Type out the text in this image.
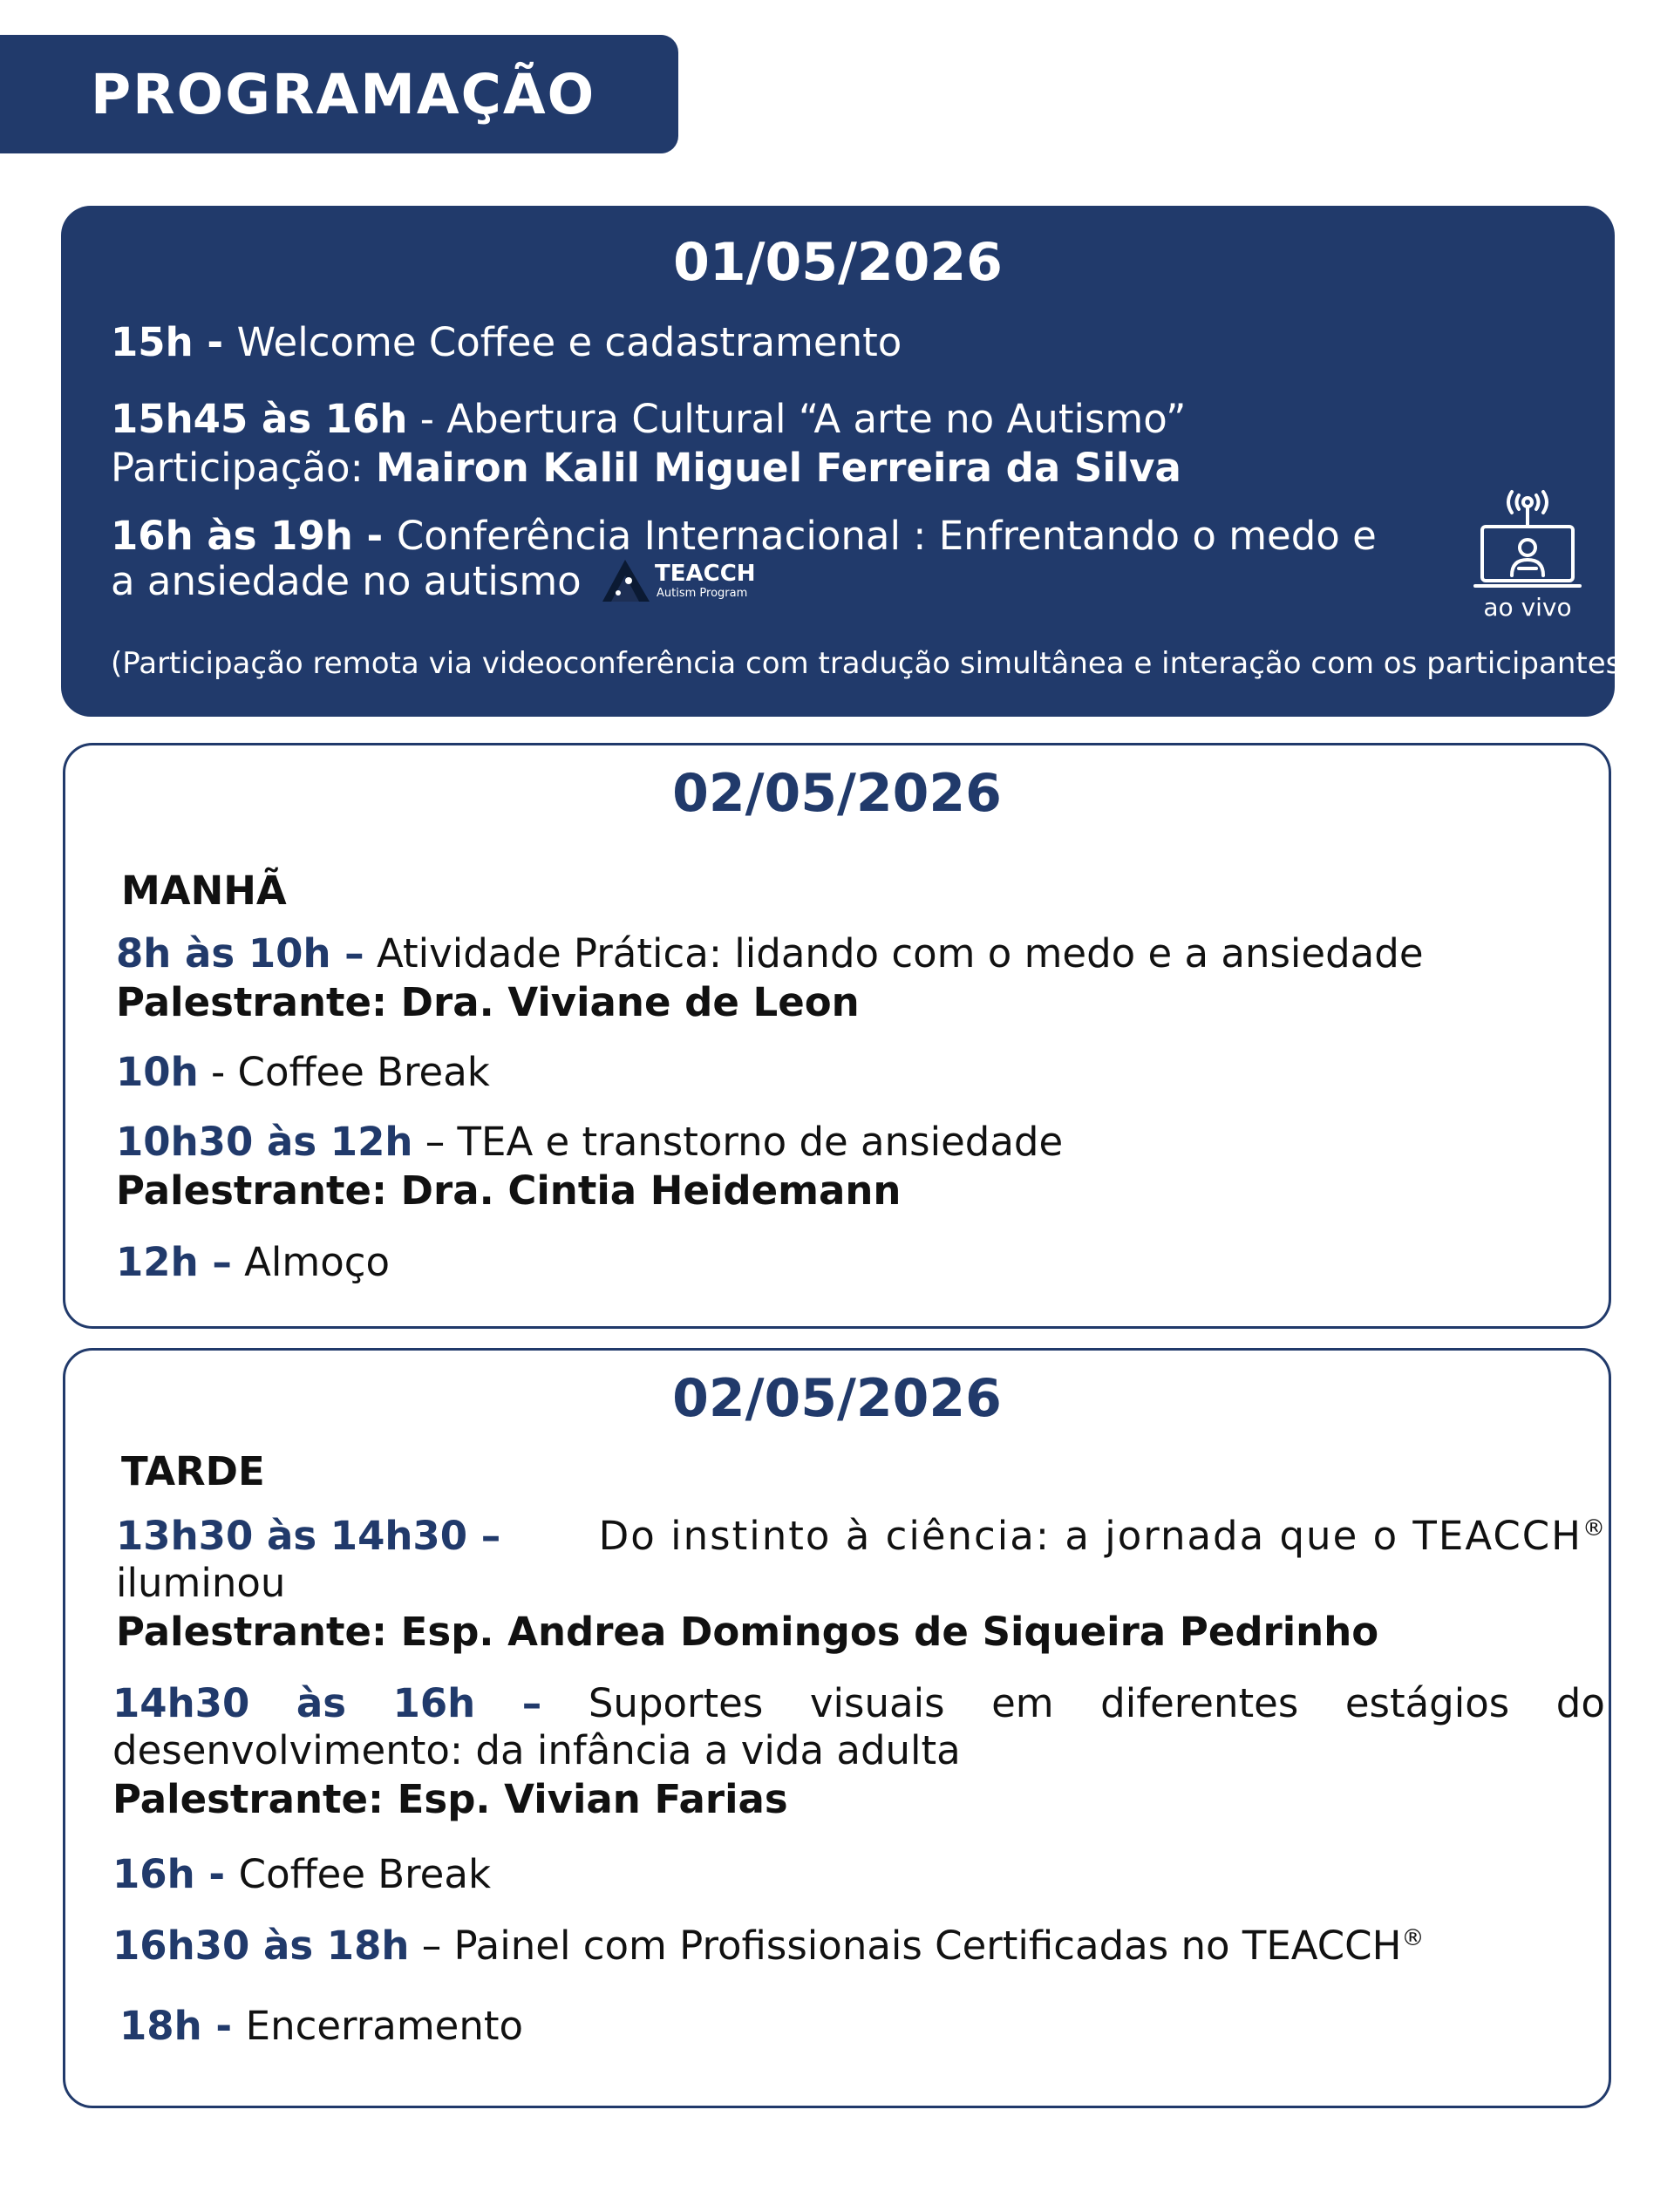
PROGRAMAÇÃO
01/05/2026
15h - Welcome Coffee e cadastramento
15h45 às 16h - Abertura Cultural “A arte no Autismo”
Participação: Mairon Kalil Miguel Ferreira da Silva
16h às 19h - Conferência Internacional : Enfrentando o medo e
a ansiedade no autismo	TEACCH
Autism Program	ao vivo
(Participação remota via videoconferência com tradução simultânea e interação com os participantes)
02/05/2026
MANHÃ
8h às 10h – Atividade Prática: lidando com o medo e a ansiedade
Palestrante: Dra. Viviane de Leon
10h - Coffee Break
10h30 às 12h – TEA e transtorno de ansiedade
Palestrante: Dra. Cintia Heidemann
12h – Almoço
02/05/2026
TARDE
13h30 às 14h30 – Do instinto à ciência: a jornada que o TEACCH®
iluminou
Palestrante: Esp. Andrea Domingos de Siqueira Pedrinho
14h30 às 16h – Suportes visuais em diferentes estágios do
desenvolvimento: da infância a vida adulta
Palestrante: Esp. Vivian Farias
16h - Coffee Break
16h30 às 18h – Painel com Profissionais Certificadas no TEACCH®
18h - Encerramento
